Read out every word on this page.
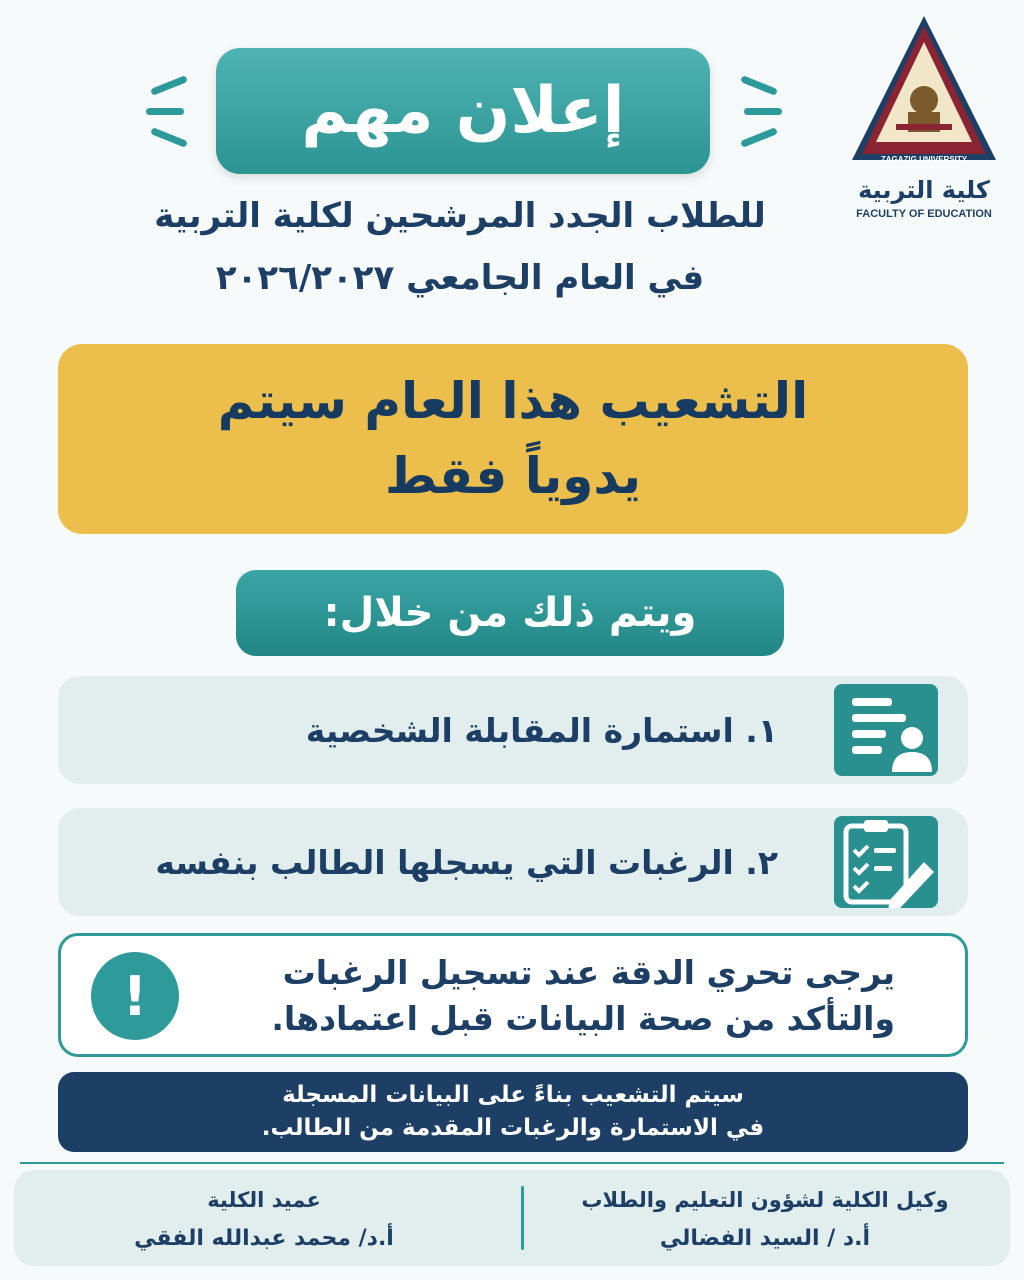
إعلان مهم
ZAGAZIG UNIVERSITY
كلية التربية
FACULTY OF EDUCATION
للطلاب الجدد المرشحين لكلية التربية
في العام الجامعي ٢٠٢٦/٢٠٢٧
التشعيب هذا العام سيتم
يدوياً فقط
ويتم ذلك من خلال:
١. استمارة المقابلة الشخصية
٢. الرغبات التي يسجلها الطالب بنفسه
يرجى تحري الدقة عند تسجيل الرغبات
والتأكد من صحة البيانات قبل اعتمادها.
!
سيتم التشعيب بناءً على البيانات المسجلة
في الاستمارة والرغبات المقدمة من الطالب.
وكيل الكلية لشؤون التعليم والطلاب
أ.د / السيد الفضالي
عميد الكلية
أ.د/ محمد عبدالله الفقي
